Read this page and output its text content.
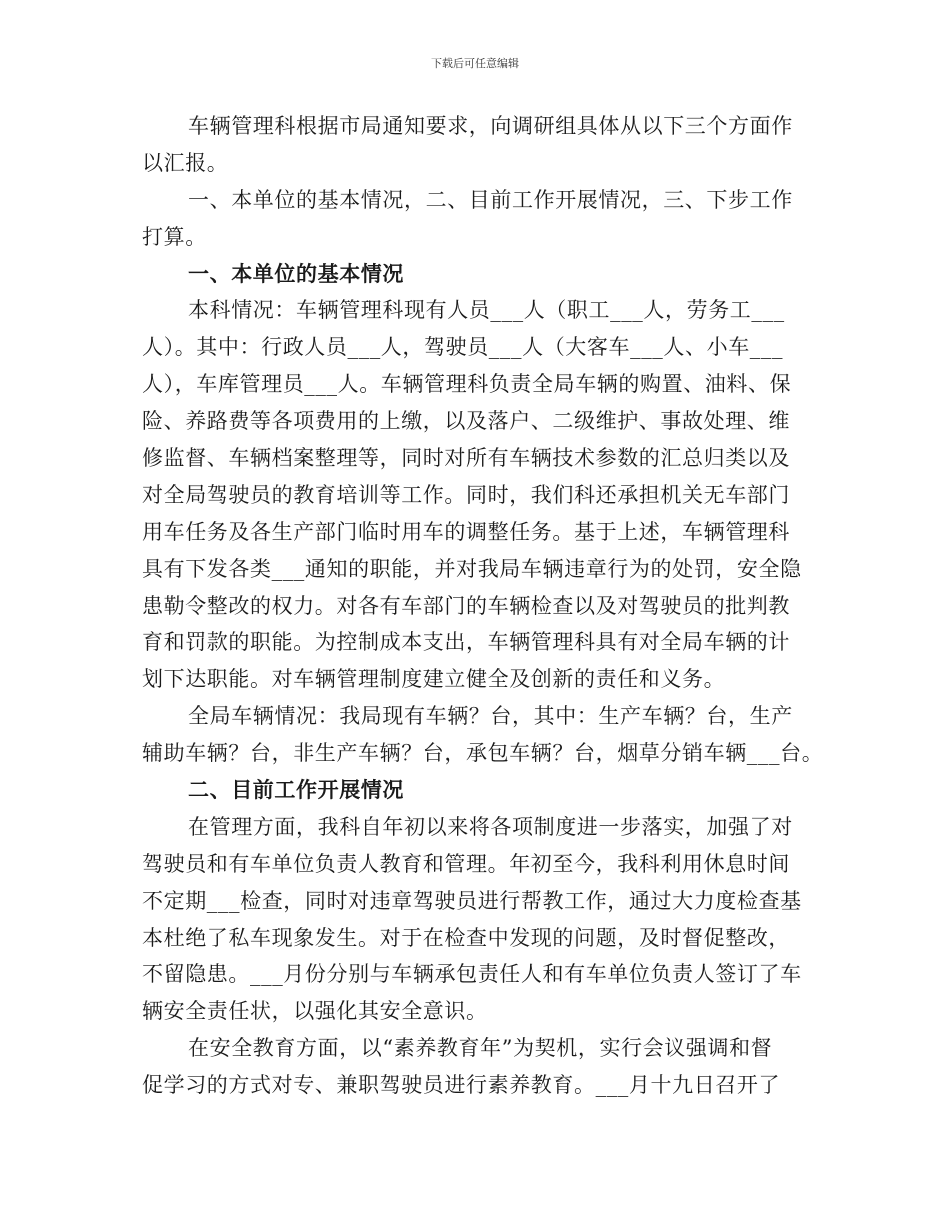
下载后可任意编辑
车辆管理科根据市局通知要求，向调研组具体从以下三个方面作
以汇报。
一、本单位的基本情况，二、目前工作开展情况，三、下步工作
打算。
一、本单位的基本情况
本科情况：车辆管理科现有人员___人（职工___人，劳务工___
人）。其中：行政人员___人，驾驶员___人（大客车___人、小车___
人），车库管理员___人。车辆管理科负责全局车辆的购置、油料、保
险、养路费等各项费用的上缴，以及落户、二级维护、事故处理、维
修监督、车辆档案整理等，同时对所有车辆技术参数的汇总归类以及
对全局驾驶员的教育培训等工作。同时，我们科还承担机关无车部门
用车任务及各生产部门临时用车的调整任务。基于上述，车辆管理科
具有下发各类___通知的职能，并对我局车辆违章行为的处罚，安全隐
患勒令整改的权力。对各有车部门的车辆检查以及对驾驶员的批判教
育和罚款的职能。为控制成本支出，车辆管理科具有对全局车辆的计
划下达职能。对车辆管理制度建立健全及创新的责任和义务。
全局车辆情况：我局现有车辆？台，其中：生产车辆？台，生产
辅助车辆？台，非生产车辆？台，承包车辆？台，烟草分销车辆___台。
二、目前工作开展情况
在管理方面，我科自年初以来将各项制度进一步落实，加强了对
驾驶员和有车单位负责人教育和管理。年初至今，我科利用休息时间
不定期___检查，同时对违章驾驶员进行帮教工作，通过大力度检查基
本杜绝了私车现象发生。对于在检查中发现的问题，及时督促整改，
不留隐患。___月份分别与车辆承包责任人和有车单位负责人签订了车
辆安全责任状，以强化其安全意识。
在安全教育方面，以“素养教育年”为契机，实行会议强调和督
促学习的方式对专、兼职驾驶员进行素养教育。___月十九日召开了
